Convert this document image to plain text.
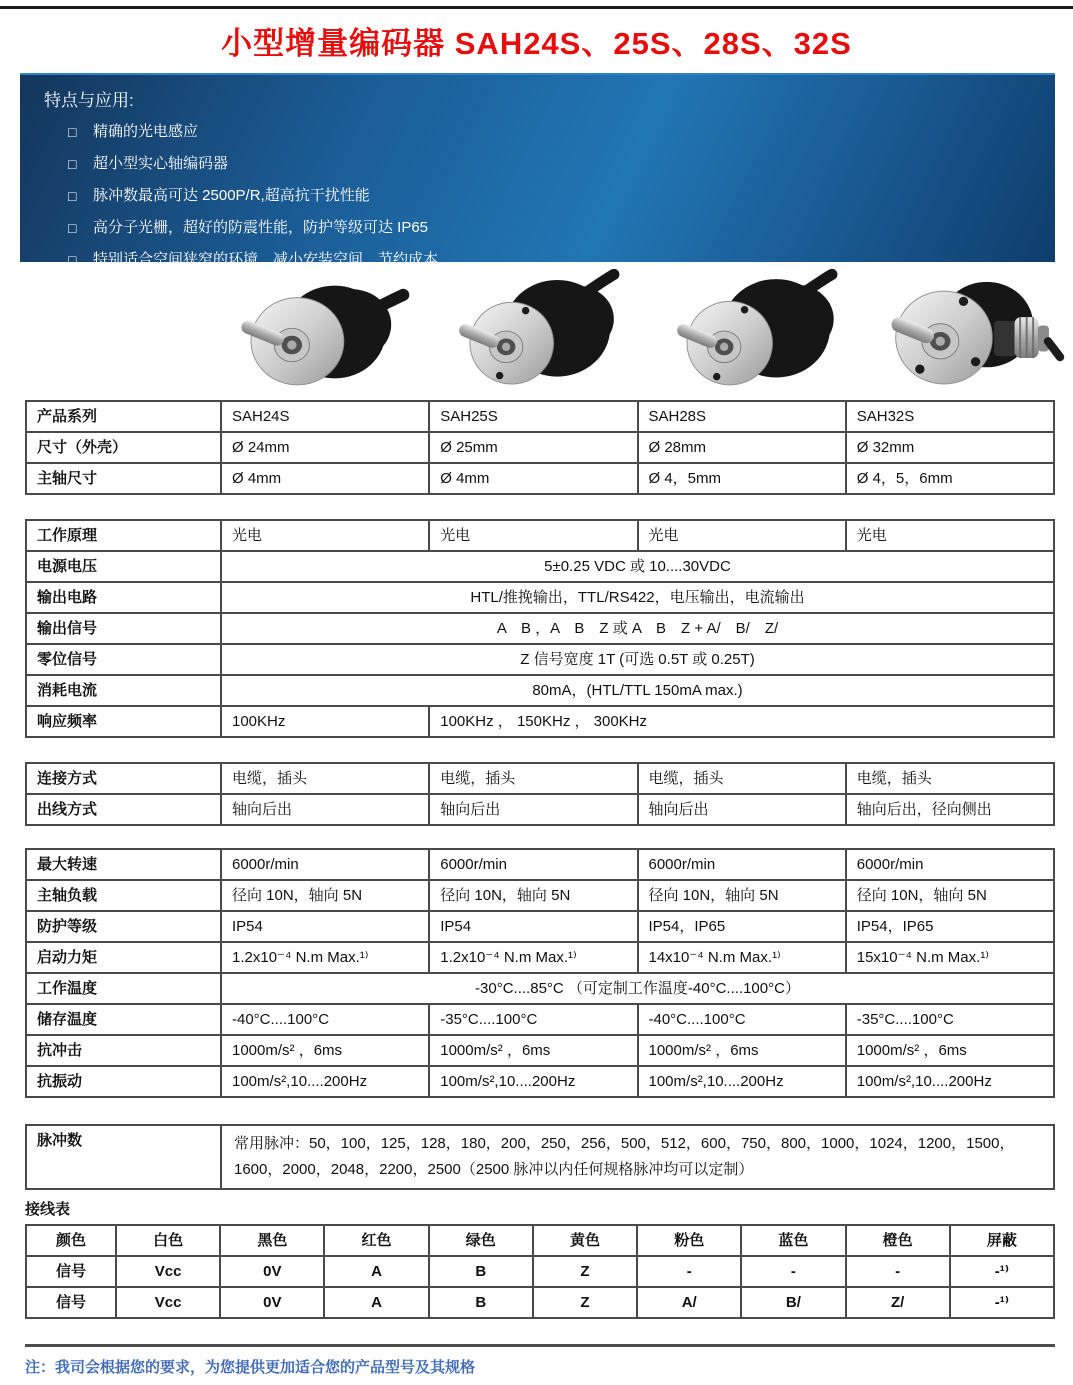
小型增量编码器 SAH24S、25S、28S、32S
特点与应用:
□	精确的光电感应
□	超小型实心轴编码器
□	脉冲数最高可达 2500P/R,超高抗干扰性能
□	高分子光栅，超好的防震性能，防护等级可达 IP65
□	特别适合空间狭窄的环境，减小安装空间，节约成本
产品系列	SAH24S	SAH25S	SAH28S	SAH32S
尺寸（外壳）	Ø 24mm	Ø 25mm	Ø 28mm	Ø 32mm
主轴尺寸	Ø 4mm	Ø 4mm	Ø 4，5mm	Ø 4，5，6mm
工作原理	光电	光电	光电	光电
电源电压	5±0.25 VDC 或 10....30VDC			
输出电路	HTL/推挽输出，TTL/RS422，电压输出，电流输出			
输出信号	A　B ，A　B　Z 或 A　B　Z + A/　B/　Z/			
零位信号	Z 信号宽度 1T (可选 0.5T 或 0.25T)			
消耗电流	80mA，(HTL/TTL 150mA max.)			
响应频率	100KHz	100KHz ， 150KHz ， 300KHz		
连接方式	电缆，插头	电缆，插头	电缆，插头	电缆，插头
出线方式	轴向后出	轴向后出	轴向后出	轴向后出，径向侧出
最大转速	6000r/min	6000r/min	6000r/min	6000r/min
主轴负载	径向 10N，轴向 5N	径向 10N，轴向 5N	径向 10N，轴向 5N	径向 10N，轴向 5N
防护等级	IP54	IP54	IP54，IP65	IP54，IP65
启动力矩	1.2x10⁻⁴ N.m Max.¹⁾	1.2x10⁻⁴ N.m Max.¹⁾	14x10⁻⁴ N.m Max.¹⁾	15x10⁻⁴ N.m Max.¹⁾
工作温度	-30°C....85°C （可定制工作温度-40°C....100°C）			
储存温度	-40°C....100°C	-35°C....100°C	-40°C....100°C	-35°C....100°C
抗冲击	1000m/s² ，6ms	1000m/s² ，6ms	1000m/s² ，6ms	1000m/s² ，6ms
抗振动	100m/s²,10....200Hz	100m/s²,10....200Hz	100m/s²,10....200Hz	100m/s²,10....200Hz
脉冲数	常用脉冲：50，100，125，128，180，200，250，256，500，512，600，750，800，1000，1024，1200，1500，1600，2000，2048，2200，2500（2500 脉冲以内任何规格脉冲均可以定制）
接线表
颜色	白色	黑色	红色	绿色	黄色	粉色	蓝色	橙色	屏蔽
信号	Vcc	0V	A	B	Z	-	-	-	-¹⁾
信号	Vcc	0V	A	B	Z	A/	B/	Z/	-¹⁾
注：我司会根据您的要求，为您提供更加适合您的产品型号及其规格
